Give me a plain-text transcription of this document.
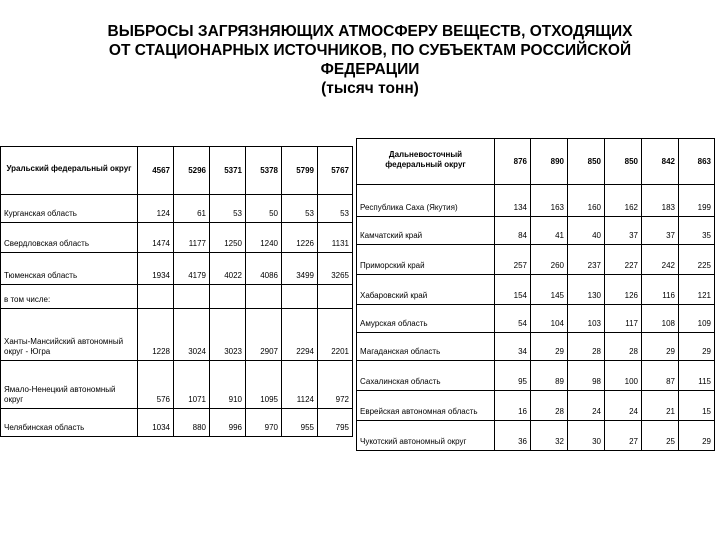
ВЫБРОСЫ ЗАГРЯЗНЯЮЩИХ АТМОСФЕРУ ВЕЩЕСТВ, ОТХОДЯЩИХ
ОТ СТАЦИОНАРНЫХ ИСТОЧНИКОВ, ПО СУБЪЕКТАМ РОССИЙСКОЙ
ФЕДЕРАЦИИ
(тысяч тонн)
Уральский федеральный округ	4567	5296	5371	5378	5799	5767
Курганская область	124	61	53	50	53	53
Свердловская область	1474	1177	1250	1240	1226	1131
Тюменская область	1934	4179	4022	4086	3499	3265
в том числе:						
Ханты-Мансийский автономный округ - Югра	1228	3024	3023	2907	2294	2201
Ямало-Ненецкий автономный округ	576	1071	910	1095	1124	972
Челябинская область	1034	880	996	970	955	795
Дальневосточный федеральный округ	876	890	850	850	842	863
Республика Саха (Якутия)	134	163	160	162	183	199
Камчатский край	84	41	40	37	37	35
Приморский край	257	260	237	227	242	225
Хабаровский край	154	145	130	126	116	121
Амурская область	54	104	103	117	108	109
Магаданская область	34	29	28	28	29	29
Сахалинская область	95	89	98	100	87	115
Еврейская автономная область	16	28	24	24	21	15
Чукотский автономный округ	36	32	30	27	25	29
